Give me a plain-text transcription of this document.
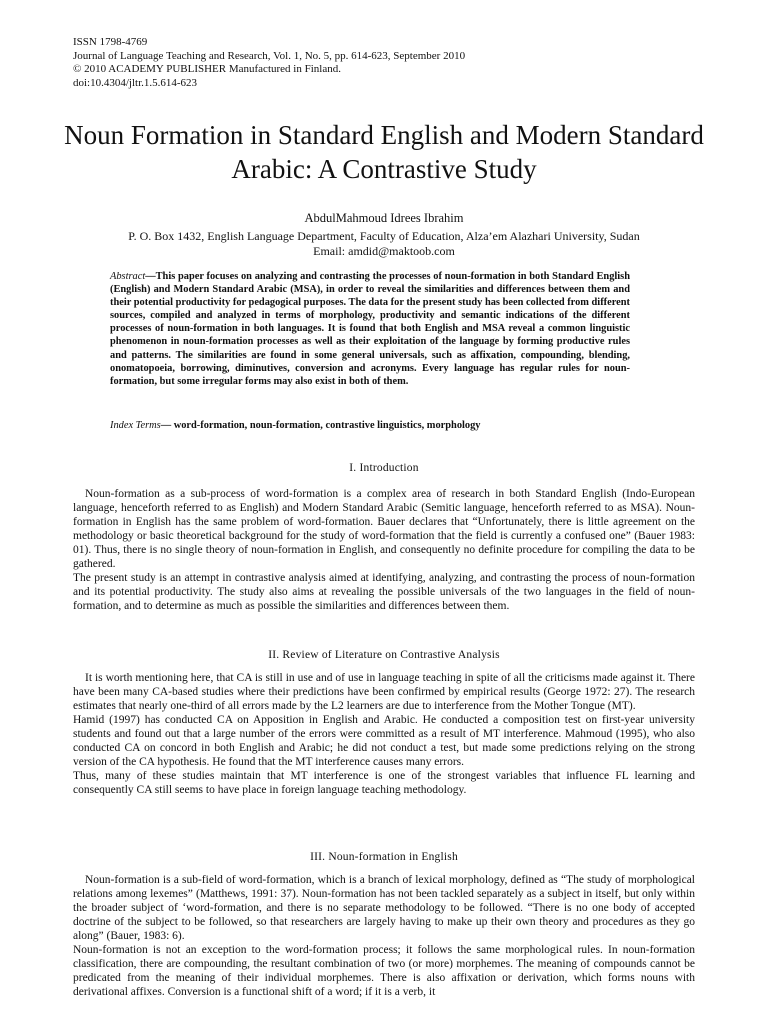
ISSN 1798-4769
Journal of Language Teaching and Research, Vol. 1, No. 5, pp. 614-623, September 2010
© 2010 ACADEMY PUBLISHER Manufactured in Finland.
doi:10.4304/jltr.1.5.614-623
Noun Formation in Standard English and Modern Standard Arabic: A Contrastive Study
AbdulMahmoud Idrees Ibrahim
P. O. Box 1432, English Language Department, Faculty of Education, Alza’em Alazhari University, Sudan
Email: amdid@maktoob.com
Abstract—This paper focuses on analyzing and contrasting the processes of noun-formation in both Standard English (English) and Modern Standard Arabic (MSA), in order to reveal the similarities and differences between them and their potential productivity for pedagogical purposes. The data for the present study has been collected from different sources, compiled and analyzed in terms of morphology, productivity and semantic indications of the different processes of noun-formation in both languages. It is found that both English and MSA reveal a common linguistic phenomenon in noun-formation processes as well as their exploitation of the language by forming productive rules and patterns. The similarities are found in some general universals, such as affixation, compounding, blending, onomatopoeia, borrowing, diminutives, conversion and acronyms. Every language has regular rules for noun-formation, but some irregular forms may also exist in both of them.
Index Terms— word-formation, noun-formation, contrastive linguistics, morphology
I. Introduction

Noun-formation as a sub-process of word-formation is a complex area of research in both Standard English (Indo-European language, henceforth referred to as English) and Modern Standard Arabic (Semitic language, henceforth referred to as MSA). Noun-formation in English has the same problem of word-formation. Bauer declares that “Unfortunately, there is little agreement on the methodology or basic theoretical background for the study of word-formation that the field is currently a confused one” (Bauer 1983: 01). Thus, there is no single theory of noun-formation in English, and consequently no definite procedure for compiling the data to be gathered.

The present study is an attempt in contrastive analysis aimed at identifying, analyzing, and contrasting the process of noun-formation and its potential productivity. The study also aims at revealing the possible universals of the two languages in the field of noun-formation, and to determine as much as possible the similarities and differences between them.

II. Review of Literature on Contrastive Analysis

It is worth mentioning here, that CA is still in use and of use in language teaching in spite of all the criticisms made against it. There have been many CA-based studies where their predictions have been confirmed by empirical results (George 1972: 27). The research estimates that nearly one-third of all errors made by the L2 learners are due to interference from the Mother Tongue (MT).

Hamid (1997) has conducted CA on Apposition in English and Arabic. He conducted a composition test on first-year university students and found out that a large number of the errors were committed as a result of MT interference. Mahmoud (1995), who also conducted CA on concord in both English and Arabic; he did not conduct a test, but made some predictions relying on the strong version of the CA hypothesis. He found that the MT interference causes many errors.

Thus, many of these studies maintain that MT interference is one of the strongest variables that influence FL learning and consequently CA still seems to have place in foreign language teaching methodology.

III. Noun-formation in English

Noun-formation is a sub-field of word-formation, which is a branch of lexical morphology, defined as “The study of morphological relations among lexemes” (Matthews, 1991: 37). Noun-formation has not been tackled separately as a subject in itself, but only within the broader subject of ‘word-formation, and there is no separate methodology to be followed. “There is no one body of accepted doctrine of the subject to be followed, so that researchers are largely having to make up their own theory and procedures as they go along” (Bauer, 1983: 6).

Noun-formation is not an exception to the word-formation process; it follows the same morphological rules. In noun-formation classification, there are compounding, the resultant combination of two (or more) morphemes. The meaning of compounds cannot be predicated from the meaning of their individual morphemes. There is also affixation or derivation, which forms nouns with derivational affixes. Conversion is a functional shift of a word; if it is a verb, it
